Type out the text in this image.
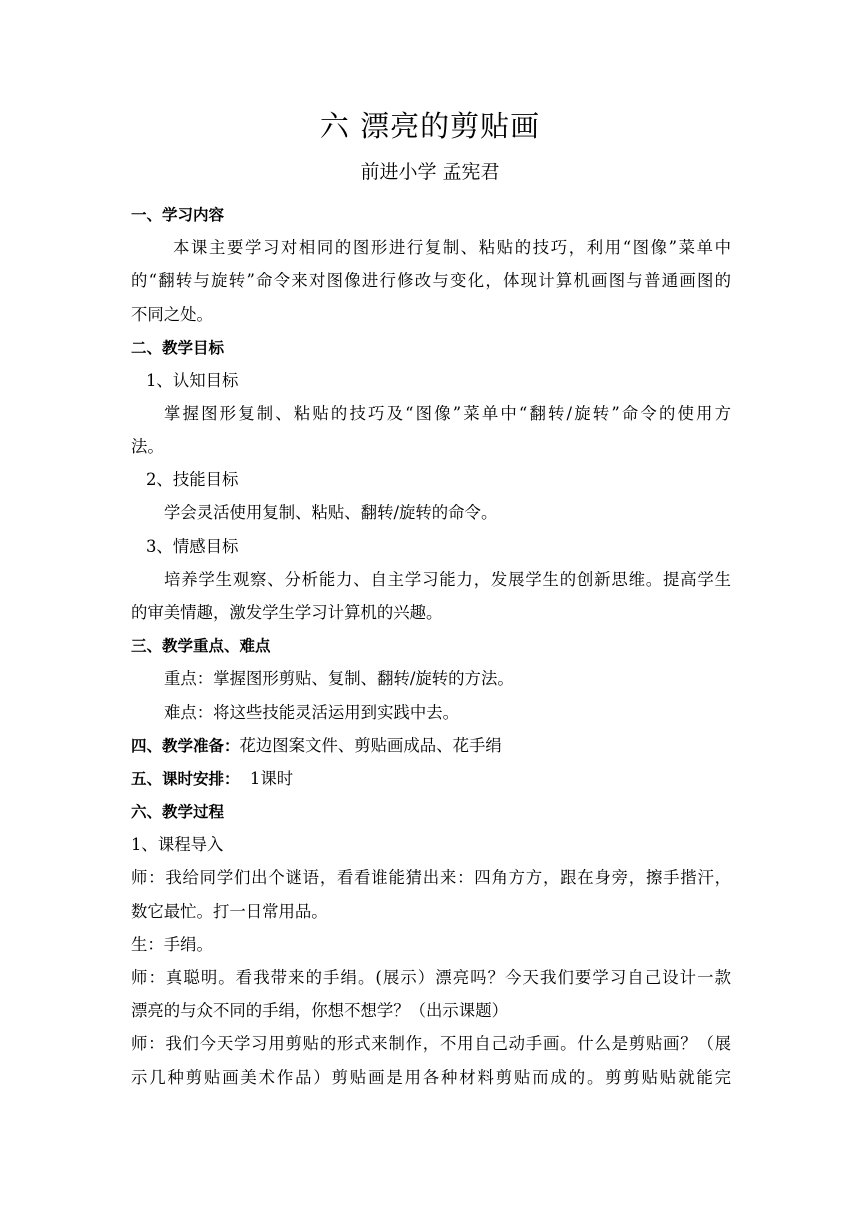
六 漂亮的剪贴画
前进小学 孟宪君
一、学习内容
本课主要学习对相同的图形进行复制、粘贴的技巧，利用“图像”菜单中
的“翻转与旋转”命令来对图像进行修改与变化，体现计算机画图与普通画图的
不同之处。
二、教学目标
1、认知目标
掌握图形复制、粘贴的技巧及“图像”菜单中“翻转/旋转”命令的使用方
法。
2、技能目标
学会灵活使用复制、粘贴、翻转/旋转的命令。
3、情感目标
培养学生观察、分析能力、自主学习能力，发展学生的创新思维。提高学生
的审美情趣，激发学生学习计算机的兴趣。
三、教学重点、难点
重点：掌握图形剪贴、复制、翻转/旋转的方法。
难点：将这些技能灵活运用到实践中去。
四、教学准备：花边图案文件、剪贴画成品、花手绢
五、课时安排：  1课时
六、教学过程
1、课程导入
师：我给同学们出个谜语，看看谁能猜出来：四角方方，跟在身旁，擦手揩汗，
数它最忙。打一日常用品。
生：手绢。
师：真聪明。看我带来的手绢。(展示）漂亮吗？今天我们要学习自己设计一款
漂亮的与众不同的手绢，你想不想学？（出示课题）
师：我们今天学习用剪贴的形式来制作，不用自己动手画。什么是剪贴画？（展
示几种剪贴画美术作品）剪贴画是用各种材料剪贴而成的。剪剪贴贴就能完
